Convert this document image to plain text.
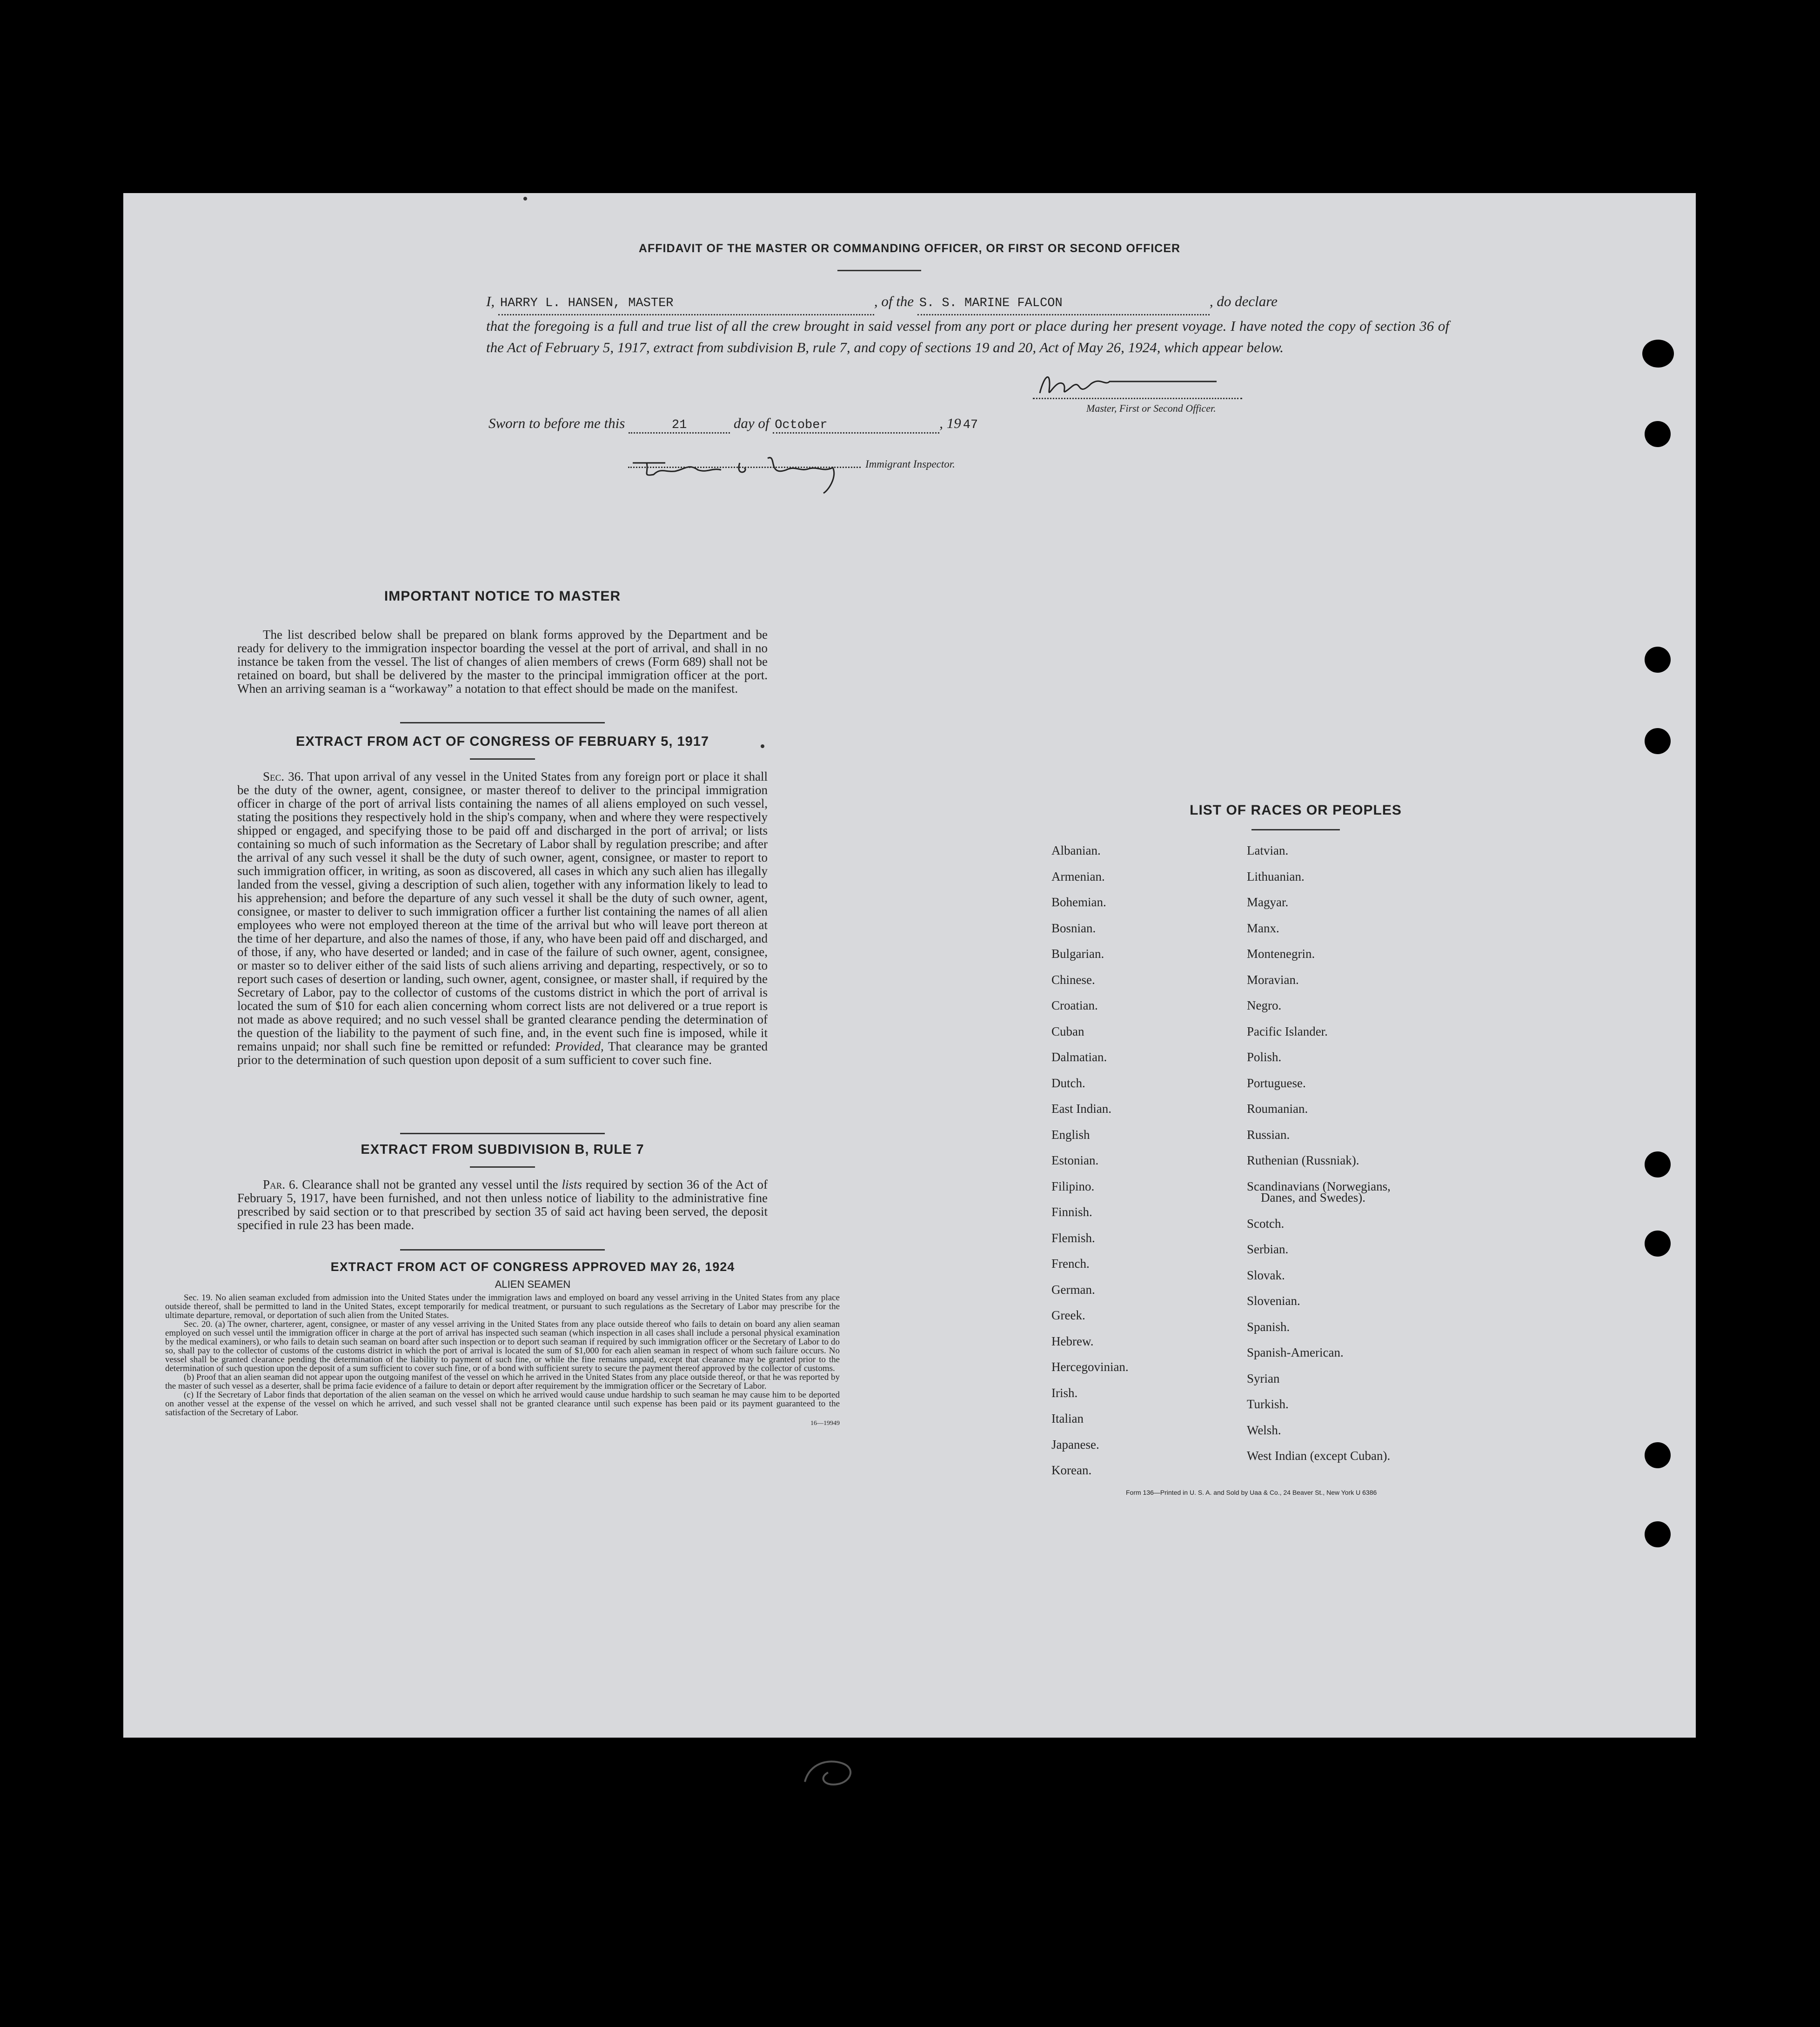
AFFIDAVIT OF THE MASTER OR COMMANDING OFFICER, OR FIRST OR SECOND OFFICER
I, HARRY L. HANSEN, MASTER	, of the S. S. MARINE FALCON	, do declare
that the foregoing is a full and true list of all the crew brought in said vessel from any port or place during her present voyage. I have noted the copy of section 36 of the Act of February 5, 1917, extract from subdivision B, rule 7, and copy of sections 19 and 20, Act of May 26, 1924, which appear below.
Master, First or Second Officer.
Sworn to before me this	21	day of October	, 19 47
Immigrant Inspector.
IMPORTANT NOTICE TO MASTER
The list described below shall be prepared on blank forms approved by the Department and be ready for delivery to the immigration inspector boarding the vessel at the port of arrival, and shall in no instance be taken from the vessel. The list of changes of alien members of crews (Form 689) shall not be retained on board, but shall be delivered by the master to the principal immigration officer at the port. When an arriving seaman is a “workaway” a notation to that effect should be made on the manifest.
EXTRACT FROM ACT OF CONGRESS OF FEBRUARY 5, 1917
Sec. 36. That upon arrival of any vessel in the United States from any foreign port or place it shall be the duty of the owner, agent, consignee, or master thereof to deliver to the principal immigration officer in charge of the port of arrival lists containing the names of all aliens employed on such vessel, stating the positions they respectively hold in the ship's company, when and where they were respectively shipped or engaged, and specifying those to be paid off and discharged in the port of arrival; or lists containing so much of such information as the Secretary of Labor shall by regulation prescribe; and after the arrival of any such vessel it shall be the duty of such owner, agent, consignee, or master to report to such immigration officer, in writing, as soon as discovered, all cases in which any such alien has illegally landed from the vessel, giving a description of such alien, together with any information likely to lead to his apprehension; and before the departure of any such vessel it shall be the duty of such owner, agent, consignee, or master to deliver to such immigration officer a further list containing the names of all alien employees who were not employed thereon at the time of the arrival but who will leave port thereon at the time of her departure, and also the names of those, if any, who have been paid off and discharged, and of those, if any, who have deserted or landed; and in case of the failure of such owner, agent, consignee, or master so to deliver either of the said lists of such aliens arriving and departing, respectively, or so to report such cases of desertion or landing, such owner, agent, consignee, or master shall, if required by the Secretary of Labor, pay to the collector of customs of the customs district in which the port of arrival is located the sum of $10 for each alien concerning whom correct lists are not delivered or a true report is not made as above required; and no such vessel shall be granted clearance pending the determination of the question of the liability to the payment of such fine, and, in the event such fine is imposed, while it remains unpaid; nor shall such fine be remitted or refunded: Provided, That clearance may be granted prior to the determination of such question upon deposit of a sum sufficient to cover such fine.
EXTRACT FROM SUBDIVISION B, RULE 7
Par. 6. Clearance shall not be granted any vessel until the lists required by section 36 of the Act of February 5, 1917, have been furnished, and not then unless notice of liability to the administrative fine prescribed by said section or to that prescribed by section 35 of said act having been served, the deposit specified in rule 23 has been made.
EXTRACT FROM ACT OF CONGRESS APPROVED MAY 26, 1924
ALIEN SEAMEN
Sec. 19. No alien seaman excluded from admission into the United States under the immigration laws and employed on board any vessel arriving in the United States from any place outside thereof, shall be permitted to land in the United States, except temporarily for medical treatment, or pursuant to such regulations as the Secretary of Labor may prescribe for the ultimate departure, removal, or deportation of such alien from the United States.
Sec. 20. (a) The owner, charterer, agent, consignee, or master of any vessel arriving in the United States from any place outside thereof who fails to detain on board any alien seaman employed on such vessel until the immigration officer in charge at the port of arrival has inspected such seaman (which inspection in all cases shall include a personal physical examination by the medical examiners), or who fails to detain such seaman on board after such inspection or to deport such seaman if required by such immigration officer or the Secretary of Labor to do so, shall pay to the collector of customs of the customs district in which the port of arrival is located the sum of $1,000 for each alien seaman in respect of whom such failure occurs. No vessel shall be granted clearance pending the determination of the liability to payment of such fine, or while the fine remains unpaid, except that clearance may be granted prior to the determination of such question upon the deposit of a sum sufficient to cover such fine, or of a bond with sufficient surety to secure the payment thereof approved by the collector of customs.
(b) Proof that an alien seaman did not appear upon the outgoing manifest of the vessel on which he arrived in the United States from any place outside thereof, or that he was reported by the master of such vessel as a deserter, shall be prima facie evidence of a failure to detain or deport after requirement by the immigration officer or the Secretary of Labor.
(c) If the Secretary of Labor finds that deportation of the alien seaman on the vessel on which he arrived would cause undue hardship to such seaman he may cause him to be deported on another vessel at the expense of the vessel on which he arrived, and such vessel shall not be granted clearance until such expense has been paid or its payment guaranteed to the satisfaction of the Secretary of Labor.
16—19949
LIST OF RACES OR PEOPLES
Albanian.
Armenian.
Bohemian.
Bosnian.
Bulgarian.
Chinese.
Croatian.
Cuban
Dalmatian.
Dutch.
East Indian.
English
Estonian.
Filipino.
Finnish.
Flemish.
French.
German.
Greek.
Hebrew.
Hercegovinian.
Irish.
Italian
Japanese.
Korean.
Latvian.
Lithuanian.
Magyar.
Manx.
Montenegrin.
Moravian.
Negro.
Pacific Islander.
Polish.
Portuguese.
Roumanian.
Russian.
Ruthenian (Russniak).
Scandinavians (Norwegians,
Danes, and Swedes).
Scotch.
Serbian.
Slovak.
Slovenian.
Spanish.
Spanish-American.
Syrian
Turkish.
Welsh.
West Indian (except Cuban).
Form 136—Printed in U. S. A. and Sold by Uaa & Co., 24 Beaver St., New York U 6386
